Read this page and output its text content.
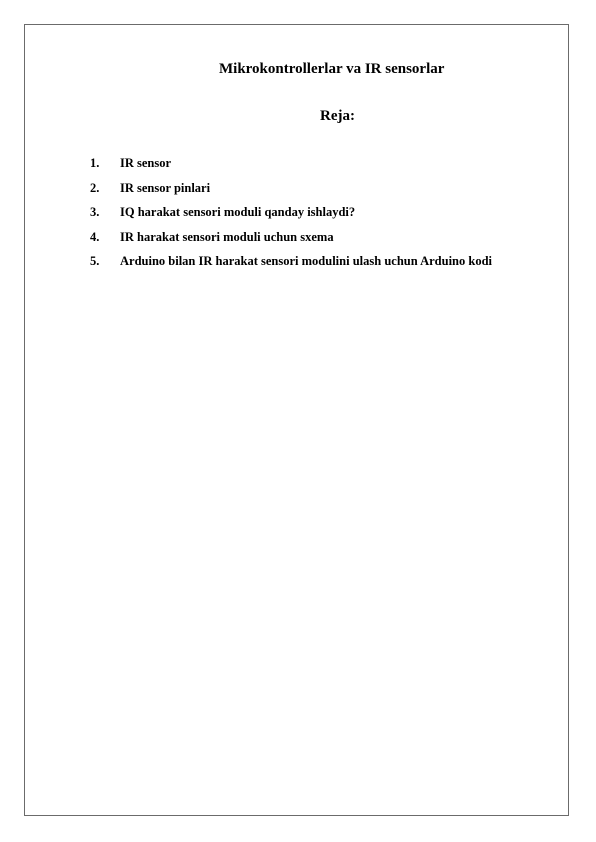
Mikrokontrollerlar va IR sensorlar
Reja:
1. IR sensor
2. IR sensor pinlari
3. IQ harakat sensori moduli qanday ishlaydi?
4. IR harakat sensori moduli uchun sxema
5. Arduino bilan IR harakat sensori modulini ulash uchun Arduino kodi
